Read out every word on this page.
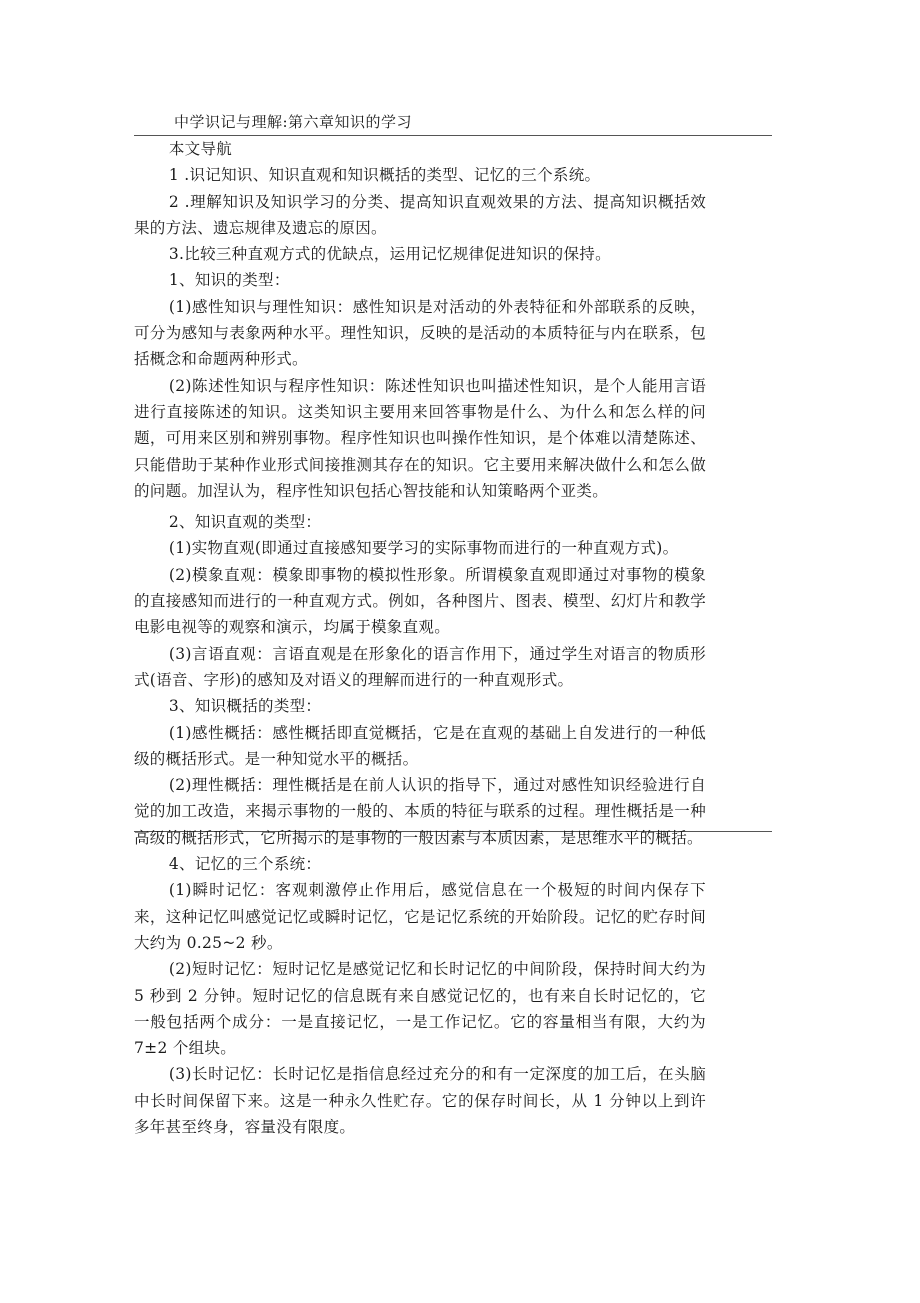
中学识记与理解:第六章知识的学习

本文导航

1 .识记知识、知识直观和知识概括的类型、记忆的三个系统。

2 .理解知识及知识学习的分类、提高知识直观效果的方法、提高知识概括效果的方法、遗忘规律及遗忘的原因。

3.比较三种直观方式的优缺点，运用记忆规律促进知识的保持。

1、知识的类型：

(1)感性知识与理性知识：感性知识是对活动的外表特征和外部联系的反映，可分为感知与表象两种水平。理性知识，反映的是活动的本质特征与内在联系，包括概念和命题两种形式。

(2)陈述性知识与程序性知识：陈述性知识也叫描述性知识，是个人能用言语进行直接陈述的知识。这类知识主要用来回答事物是什么、为什么和怎么样的问题，可用来区别和辨别事物。程序性知识也叫操作性知识，是个体难以清楚陈述、只能借助于某种作业形式间接推测其存在的知识。它主要用来解决做什么和怎么做的问题。加涅认为，程序性知识包括心智技能和认知策略两个亚类。

2、知识直观的类型：

(1)实物直观(即通过直接感知要学习的实际事物而进行的一种直观方式)。

(2)模象直观：模象即事物的模拟性形象。所谓模象直观即通过对事物的模象的直接感知而进行的一种直观方式。例如，各种图片、图表、模型、幻灯片和教学电影电视等的观察和演示，均属于模象直观。

(3)言语直观：言语直观是在形象化的语言作用下，通过学生对语言的物质形式(语音、字形)的感知及对语义的理解而进行的一种直观形式。

3、知识概括的类型：

(1)感性概括：感性概括即直觉概括，它是在直观的基础上自发进行的一种低级的概括形式。是一种知觉水平的概括。

(2)理性概括：理性概括是在前人认识的指导下，通过对感性知识经验进行自觉的加工改造，来揭示事物的一般的、本质的特征与联系的过程。理性概括是一种高级的概括形式，它所揭示的是事物的一般因素与本质因素，是思维水平的概括。

4、记忆的三个系统：

(1)瞬时记忆：客观刺激停止作用后，感觉信息在一个极短的时间内保存下来，这种记忆叫感觉记忆或瞬时记忆，它是记忆系统的开始阶段。记忆的贮存时间大约为 0.25~2 秒。

(2)短时记忆：短时记忆是感觉记忆和长时记忆的中间阶段，保持时间大约为 5 秒到 2 分钟。短时记忆的信息既有来自感觉记忆的，也有来自长时记忆的，它一般包括两个成分：一是直接记忆，一是工作记忆。它的容量相当有限，大约为 7±2 个组块。

(3)长时记忆：长时记忆是指信息经过充分的和有一定深度的加工后，在头脑中长时间保留下来。这是一种永久性贮存。它的保存时间长，从 1 分钟以上到许多年甚至终身，容量没有限度。
